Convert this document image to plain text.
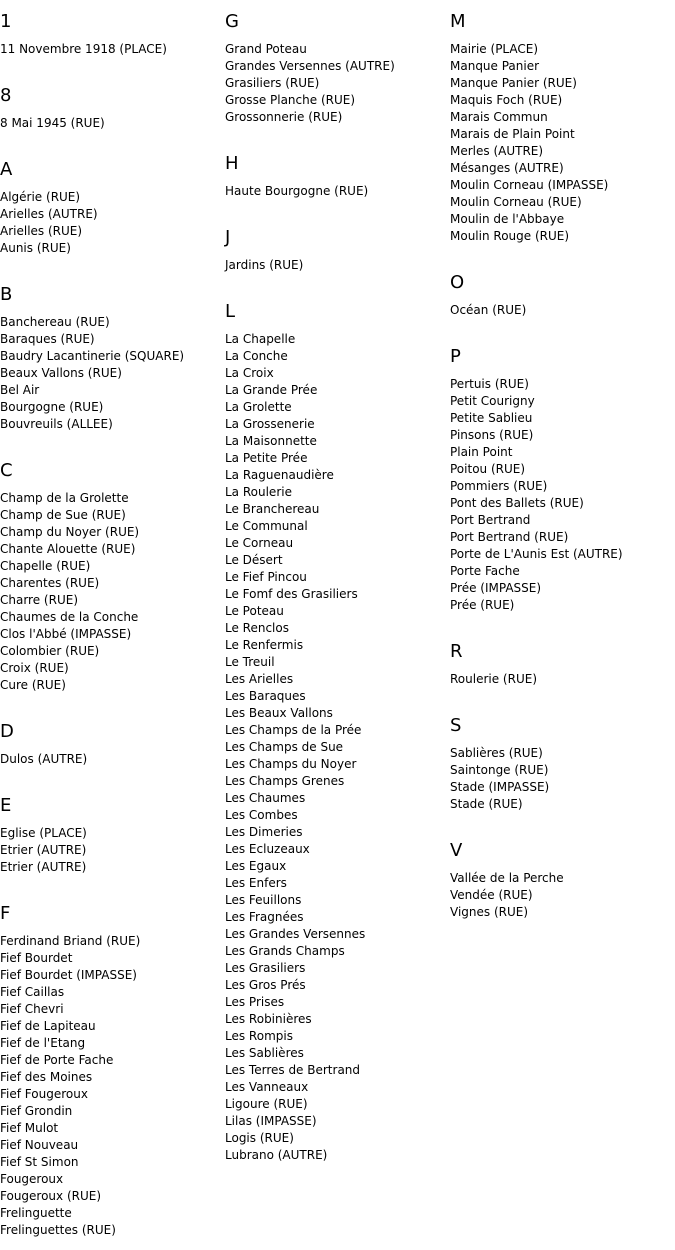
1
11 Novembre 1918 (PLACE)
8
8 Mai 1945 (RUE)
A
Algérie (RUE)
Arielles (AUTRE)
Arielles (RUE)
Aunis (RUE)
B
Banchereau (RUE)
Baraques (RUE)
Baudry Lacantinerie (SQUARE)
Beaux Vallons (RUE)
Bel Air
Bourgogne (RUE)
Bouvreuils (ALLEE)
C
Champ de la Grolette
Champ de Sue (RUE)
Champ du Noyer (RUE)
Chante Alouette (RUE)
Chapelle (RUE)
Charentes (RUE)
Charre (RUE)
Chaumes de la Conche
Clos l'Abbé (IMPASSE)
Colombier (RUE)
Croix (RUE)
Cure (RUE)
D
Dulos (AUTRE)
E
Eglise (PLACE)
Etrier (AUTRE)
Etrier (AUTRE)
F
Ferdinand Briand (RUE)
Fief Bourdet
Fief Bourdet (IMPASSE)
Fief Caillas
Fief Chevri
Fief de Lapiteau
Fief de l'Etang
Fief de Porte Fache
Fief des Moines
Fief Fougeroux
Fief Grondin
Fief Mulot
Fief Nouveau
Fief St Simon
Fougeroux
Fougeroux (RUE)
Frelinguette
Frelinguettes (RUE)
G
Grand Poteau
Grandes Versennes (AUTRE)
Grasiliers (RUE)
Grosse Planche (RUE)
Grossonnerie (RUE)
H
Haute Bourgogne (RUE)
J
Jardins (RUE)
L
La Chapelle
La Conche
La Croix
La Grande Prée
La Grolette
La Grossenerie
La Maisonnette
La Petite Prée
La Raguenaudière
La Roulerie
Le Branchereau
Le Communal
Le Corneau
Le Désert
Le Fief Pincou
Le Fomf des Grasiliers
Le Poteau
Le Renclos
Le Renfermis
Le Treuil
Les Arielles
Les Baraques
Les Beaux Vallons
Les Champs de la Prée
Les Champs de Sue
Les Champs du Noyer
Les Champs Grenes
Les Chaumes
Les Combes
Les Dimeries
Les Ecluzeaux
Les Egaux
Les Enfers
Les Feuillons
Les Fragnées
Les Grandes Versennes
Les Grands Champs
Les Grasiliers
Les Gros Prés
Les Prises
Les Robinières
Les Rompis
Les Sablières
Les Terres de Bertrand
Les Vanneaux
Ligoure (RUE)
Lilas (IMPASSE)
Logis (RUE)
Lubrano (AUTRE)
M
Mairie (PLACE)
Manque Panier
Manque Panier (RUE)
Maquis Foch (RUE)
Marais Commun
Marais de Plain Point
Merles (AUTRE)
Mésanges (AUTRE)
Moulin Corneau (IMPASSE)
Moulin Corneau (RUE)
Moulin de l'Abbaye
Moulin Rouge (RUE)
O
Océan (RUE)
P
Pertuis (RUE)
Petit Courigny
Petite Sablieu
Pinsons (RUE)
Plain Point
Poitou (RUE)
Pommiers (RUE)
Pont des Ballets (RUE)
Port Bertrand
Port Bertrand (RUE)
Porte de L'Aunis Est (AUTRE)
Porte Fache
Prée (IMPASSE)
Prée (RUE)
R
Roulerie (RUE)
S
Sablières (RUE)
Saintonge (RUE)
Stade (IMPASSE)
Stade (RUE)
V
Vallée de la Perche
Vendée (RUE)
Vignes (RUE)
